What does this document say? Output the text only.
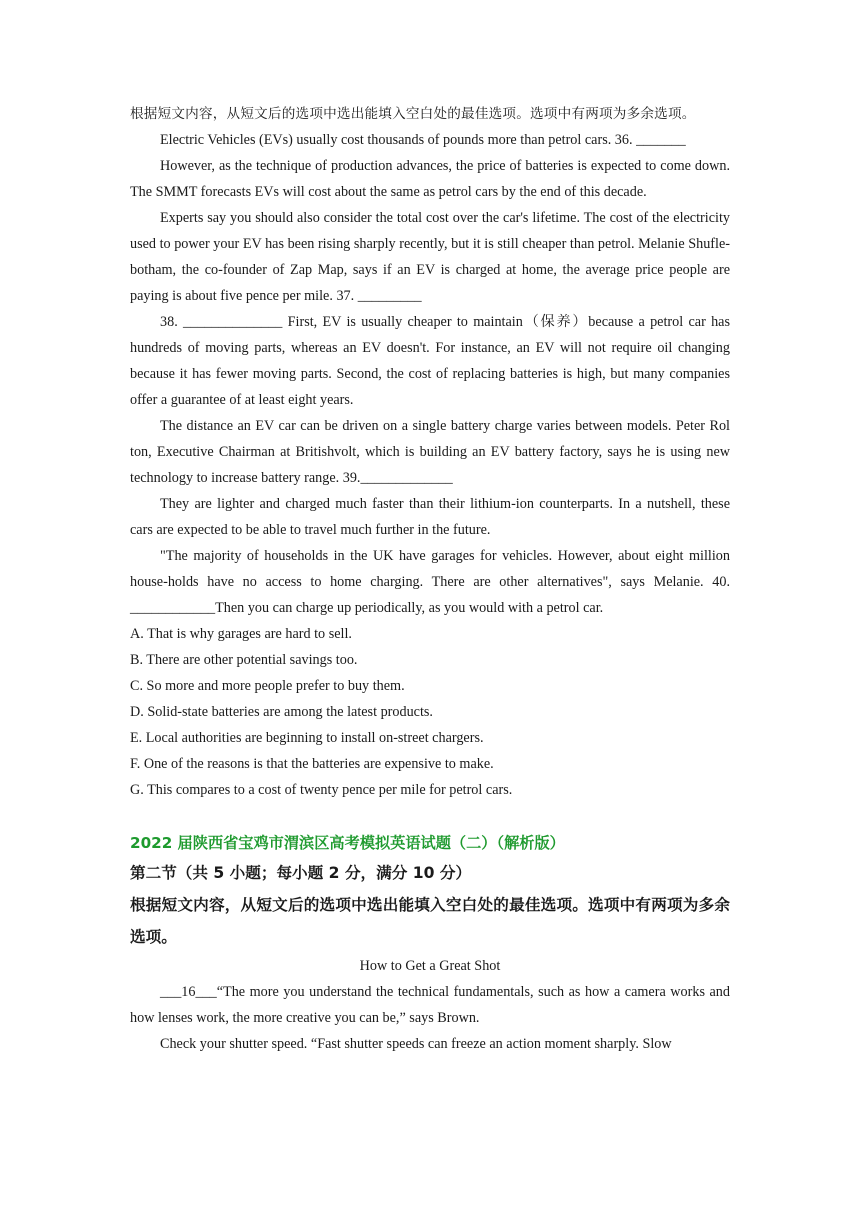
根据短文内容，从短文后的选项中选出能填入空白处的最佳选项。选项中有两项为多余选项。

Electric Vehicles (EVs) usually cost thousands of pounds more than petrol cars. 36. _______

However, as the technique of production advances, the price of batteries is expected to come down. The SMMT forecasts EVs will cost about the same as petrol cars by the end of this decade.

Experts say you should also consider the total cost over the car's lifetime. The cost of the electricity used to power your EV has been rising sharply recently, but it is still cheaper than petrol. Melanie Shufle-botham, the co-founder of Zap Map, says if an EV is charged at home, the average price people are paying is about five pence per mile. 37. _________

38. ______________ First, EV is usually cheaper to maintain（保养）because a petrol car has hundreds of moving parts, whereas an EV doesn't. For instance, an EV will not require oil changing because it has fewer moving parts. Second, the cost of replacing batteries is high, but many companies offer a guarantee of at least eight years.

The distance an EV car can be driven on a single battery charge varies between models. Peter Rol ton, Executive Chairman at Britishvolt, which is building an EV battery factory, says he is using new technology to increase battery range. 39._____________

They are lighter and charged much faster than their lithium-ion counterparts. In a nutshell, these cars are expected to be able to travel much further in the future.

"The majority of households in the UK have garages for vehicles. However, about eight million house-holds have no access to home charging. There are other alternatives", says Melanie. 40. ____________Then you can charge up periodically, as you would with a petrol car.

A. That is why garages are hard to sell.

B. There are other potential savings too.

C. So more and more people prefer to buy them.

D. Solid-state batteries are among the latest products.

E. Local authorities are beginning to install on-street chargers.

F. One of the reasons is that the batteries are expensive to make.

G. This compares to a cost of twenty pence per mile for petrol cars.

2022 届陕西省宝鸡市渭滨区高考模拟英语试题（二）（解析版）

第二节（共 5 小题；每小题 2 分，满分 10 分）

根据短文内容，从短文后的选项中选出能填入空白处的最佳选项。选项中有两项为多余选项。

How to Get a Great Shot

___16___“The more you understand the technical fundamentals, such as how a camera works and how lenses work, the more creative you can be,” says Brown.

Check your shutter speed. “Fast shutter speeds can freeze an action moment sharply. Slow
